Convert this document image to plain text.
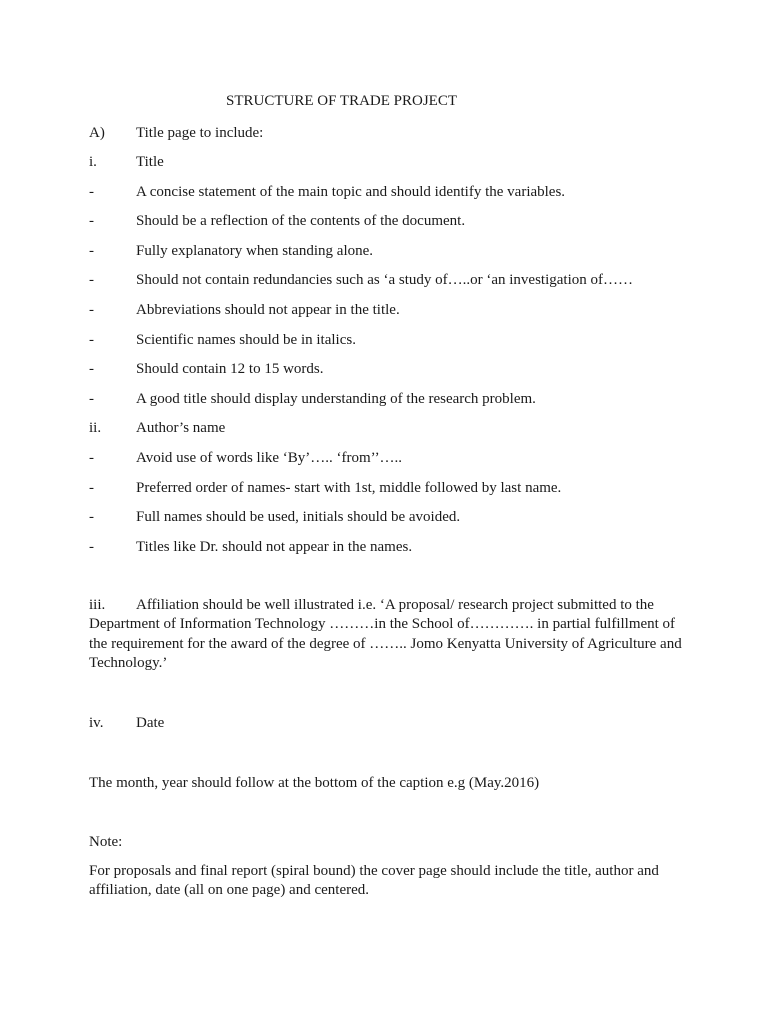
STRUCTURE OF TRADE PROJECT
A) Title page to include:
i.	Title
-	A concise statement of the main topic and should identify the variables.
-	Should be a reflection of the contents of the document.
-	Fully explanatory when standing alone.
-	Should not contain redundancies such as ‘a study of…..or ‘an investigation of……
-	Abbreviations should not appear in the title.
-	Scientific names should be in italics.
-	Should contain 12 to 15 words.
-	A good title should display understanding of the research problem.
ii. Author’s name
-	Avoid use of words like ‘By’….. ‘from’’…..
-	Preferred order of names- start with 1st, middle followed by last name.
-	Full names should be used, initials should be avoided.
-	Titles like Dr. should not appear in the names.
iii. Affiliation should be well illustrated i.e. ‘A proposal/ research project submitted to the Department of Information Technology ………in the School of…………. in partial fulfillment of the requirement for the award of the degree of …….. Jomo Kenyatta University of Agriculture and Technology.’
iv. Date
The month, year should follow at the bottom of the caption e.g (May.2016)
Note:
For proposals and final report (spiral bound) the cover page should include the title, author and affiliation, date (all on one page) and centered.
